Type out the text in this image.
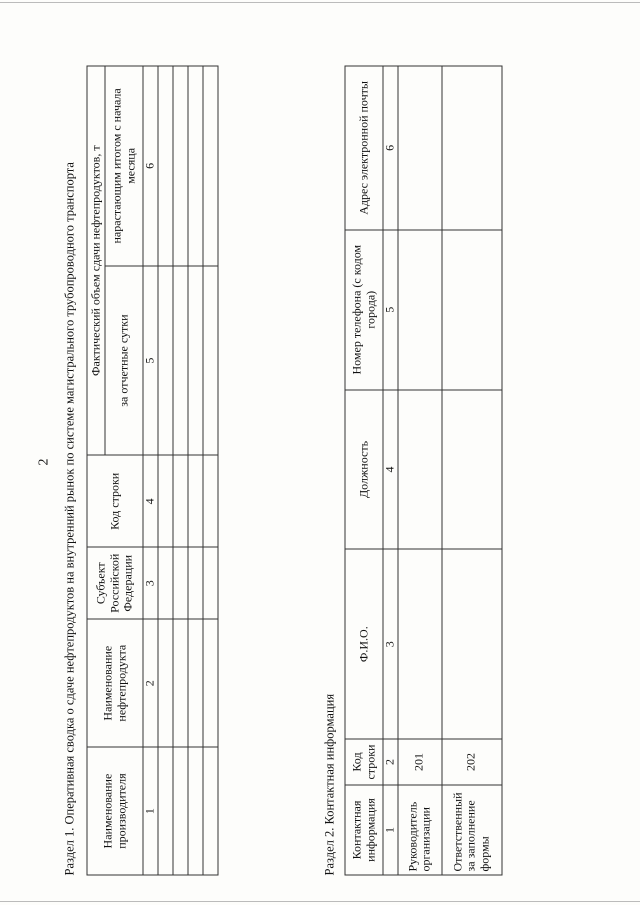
2 Раздел 1. Оперативная сводка о сдаче нефтепродуктов на внутренний рынок по системе магистрального трубопроводного транспорта Наименование производителя	Наименование нефтепродукта	Субъект Российской Федерации	Код строки	Фактический объем сдачи нефтепродуктов, т	
				за отчетные сутки	нарастающим итогом с начала месяца
1	2	3	4	5	6

Раздел 2. Контактная информация Контактная информация	Код строки	Ф.И.О.	Должность	Номер телефона (с кодом города)	Адрес электронной почты
1	2	3	4	5	6
Руководитель организации	201				
Ответственный за заполнение формы	202				
